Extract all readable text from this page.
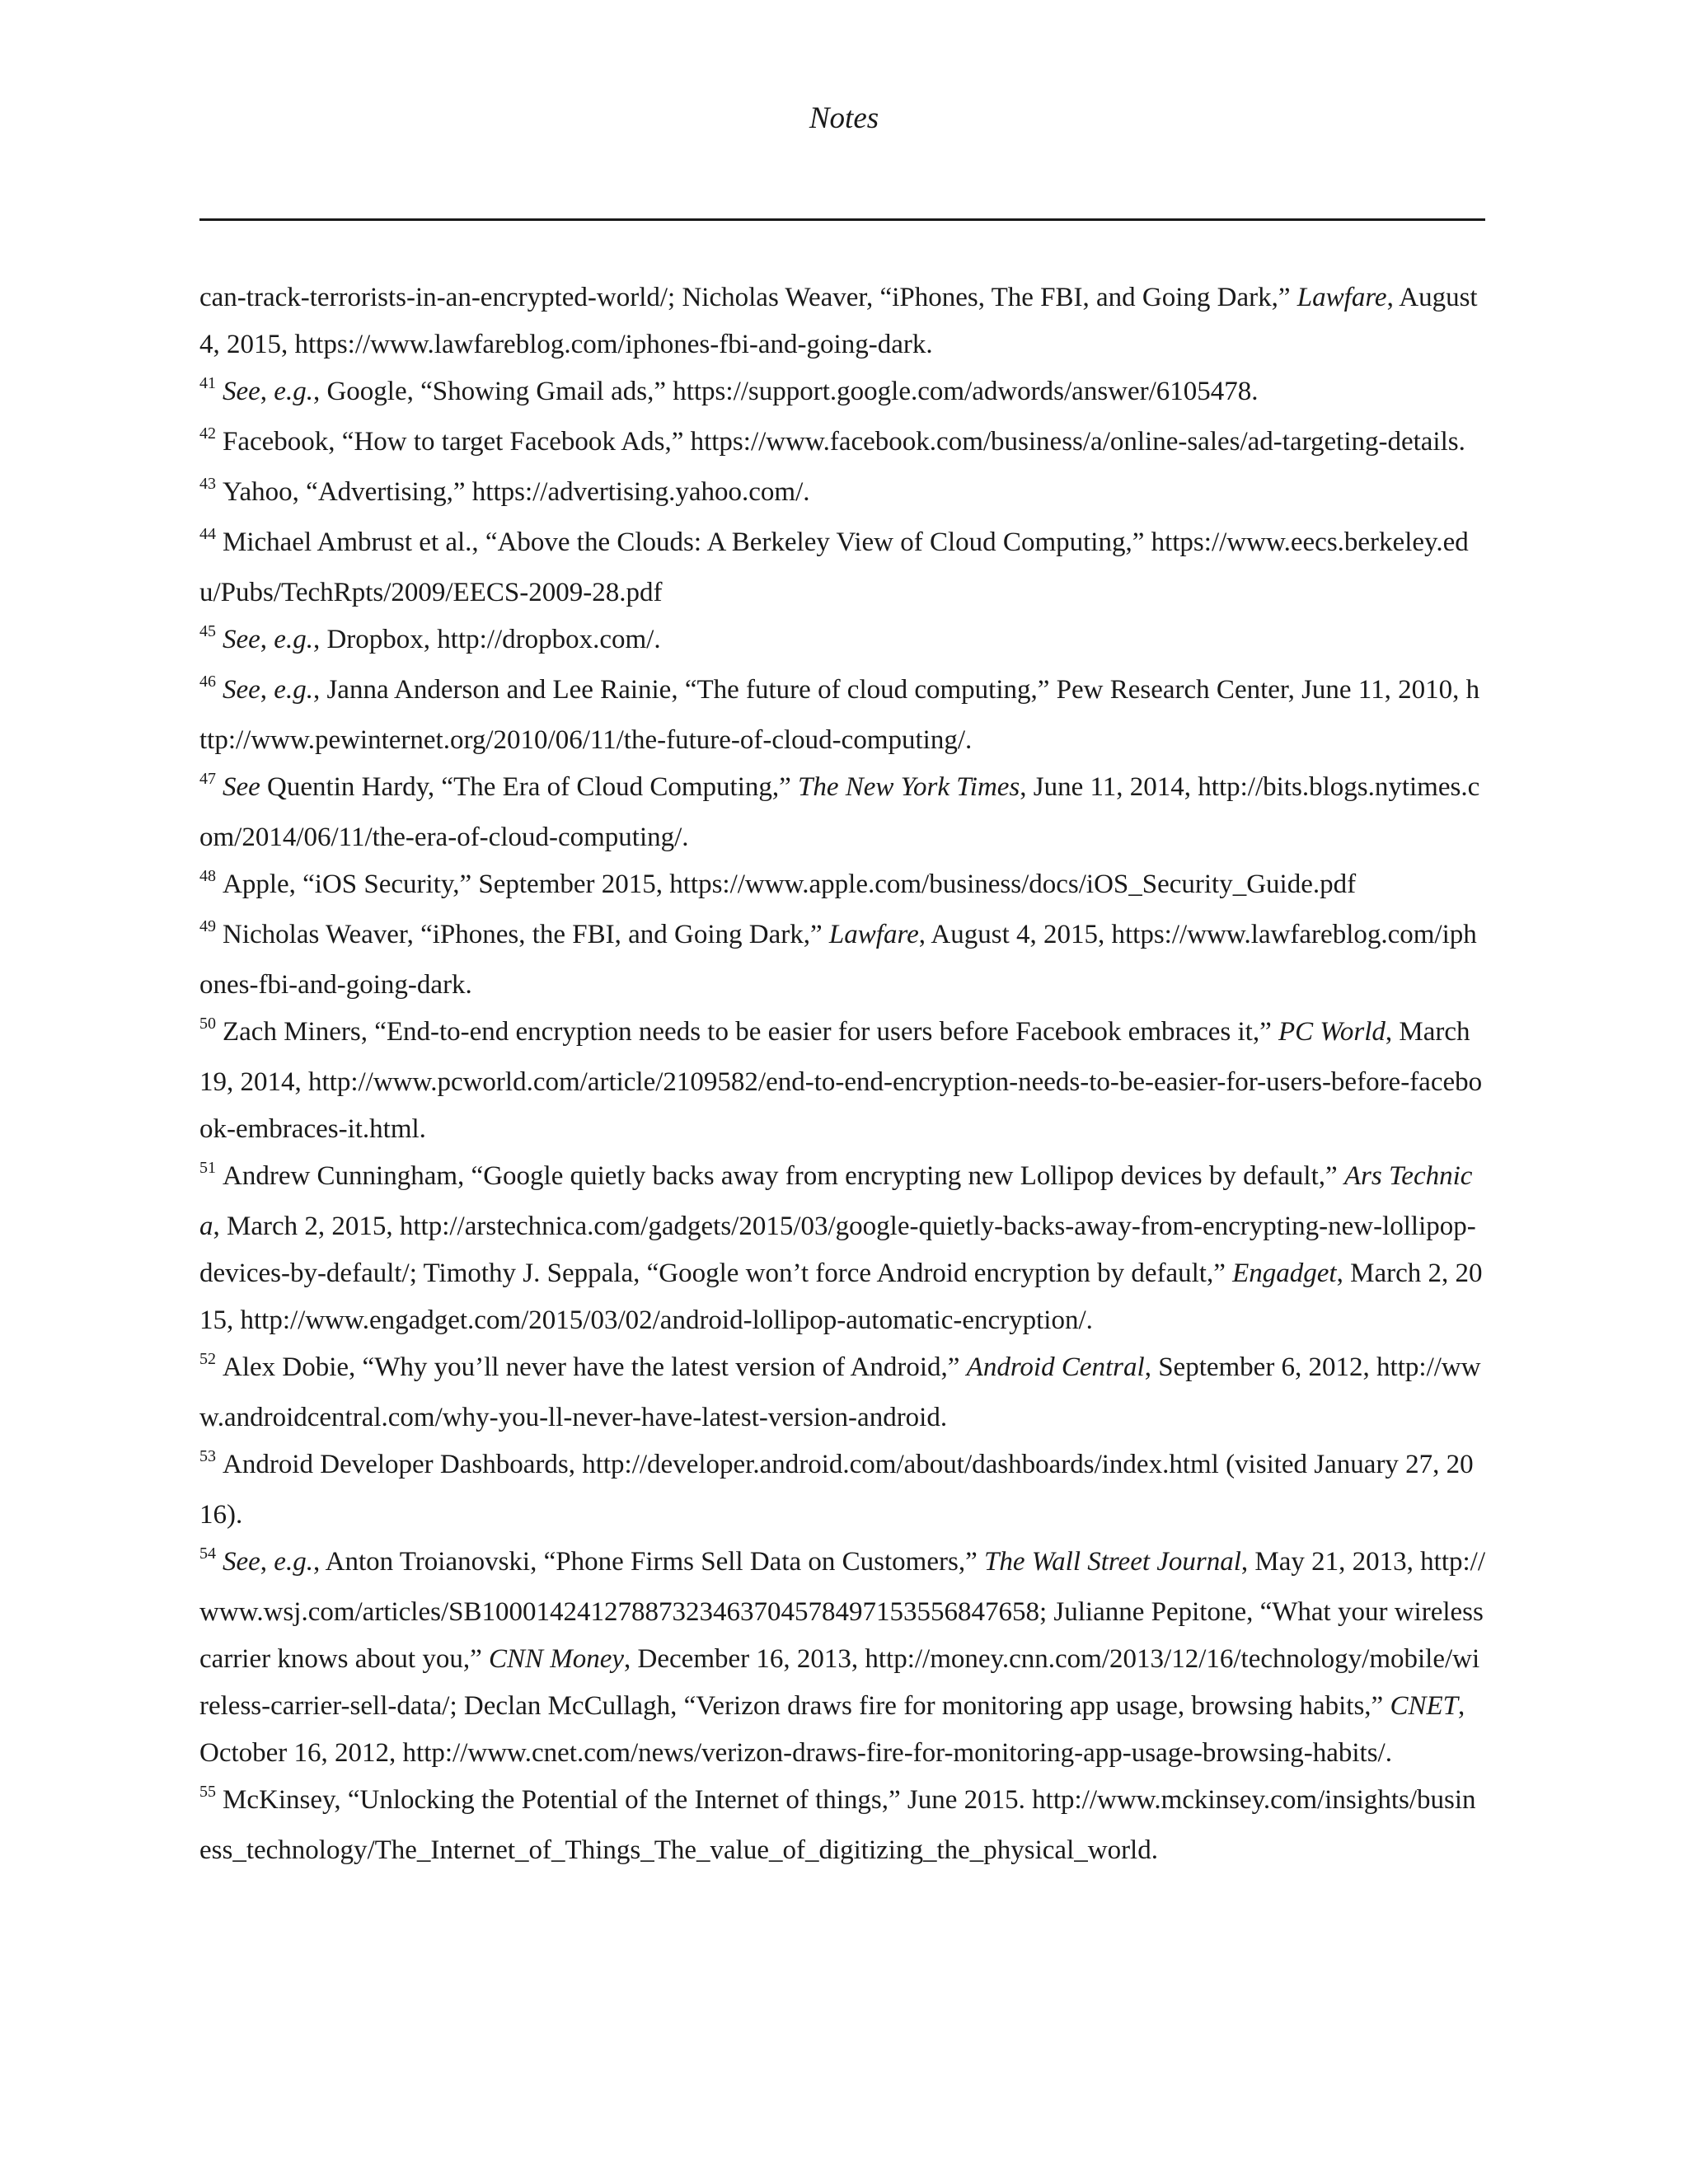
Notes

can-track-terrorists-in-an-encrypted-world/; Nicholas Weaver, “iPhones, The FBI, and Going Dark,” Lawfare, August 4, 2015, https://www.lawfareblog.com/iphones-fbi-and-going-dark.

$^{41}$ See, e.g., Google, “Showing Gmail ads,” https://support.google.com/adwords/answer/6105478.

$^{42}$ Facebook, “How to target Facebook Ads,” https://www.facebook.com/business/a/online-sales/ad-targeting-details.

$^{43}$ Yahoo, “Advertising,” https://advertising.yahoo.com/.

$^{44}$ Michael Ambrust et al., “Above the Clouds: A Berkeley View of Cloud Computing,” https://www.eecs.berkeley.edu/Pubs/TechRpts/2009/EECS-2009-28.pdf

$^{45}$ See, e.g., Dropbox, http://dropbox.com/.

$^{46}$ See, e.g., Janna Anderson and Lee Rainie, “The future of cloud computing,” Pew Research Center, June 11, 2010, http://www.pewinternet.org/2010/06/11/the-future-of-cloud-computing/.

$^{47}$ See Quentin Hardy, “The Era of Cloud Computing,” The New York Times, June 11, 2014, http://bits.blogs.nytimes.com/2014/06/11/the-era-of-cloud-computing/.

$^{48}$ Apple, “iOS Security,” September 2015, https://www.apple.com/business/docs/iOS_Security_Guide.pdf

$^{49}$ Nicholas Weaver, “iPhones, the FBI, and Going Dark,” Lawfare, August 4, 2015, https://www.lawfareblog.com/iphones-fbi-and-going-dark.

$^{50}$ Zach Miners, “End-to-end encryption needs to be easier for users before Facebook embraces it,” PC World, March 19, 2014, http://www.pcworld.com/article/2109582/end-to-end-encryption-needs-to-be-easier-for-users-before-facebook-embraces-it.html.

$^{51}$ Andrew Cunningham, “Google quietly backs away from encrypting new Lollipop devices by default,” Ars Technica, March 2, 2015, http://arstechnica.com/gadgets/2015/03/google-quietly-backs-away-from-encrypting-new-lollipop-devices-by-default/; Timothy J. Seppala, “Google won’t force Android encryption by default,” Engadget, March 2, 2015, http://www.engadget.com/2015/03/02/android-lollipop-automatic-encryption/.

$^{52}$ Alex Dobie, “Why you’ll never have the latest version of Android,” Android Central, September 6, 2012, http://www.androidcentral.com/why-you-ll-never-have-latest-version-android.

$^{53}$ Android Developer Dashboards, http://developer.android.com/about/dashboards/index.html (visited January 27, 2016).

$^{54}$ See, e.g., Anton Troianovski, “Phone Firms Sell Data on Customers,” The Wall Street Journal, May 21, 2013, http://www.wsj.com/articles/SB10001424127887323463704578497153556847658; Julianne Pepitone, “What your wireless carrier knows about you,” CNN Money, December 16, 2013, http://money.cnn.com/2013/12/16/technology/mobile/wireless-carrier-sell-data/; Declan McCullagh, “Verizon draws fire for monitoring app usage, browsing habits,” CNET, October 16, 2012, http://www.cnet.com/news/verizon-draws-fire-for-monitoring-app-usage-browsing-habits/.

$^{55}$ McKinsey, “Unlocking the Potential of the Internet of things,” June 2015. http://www.mckinsey.com/insights/business_technology/The_Internet_of_Things_The_value_of_digitizing_the_physical_world.
